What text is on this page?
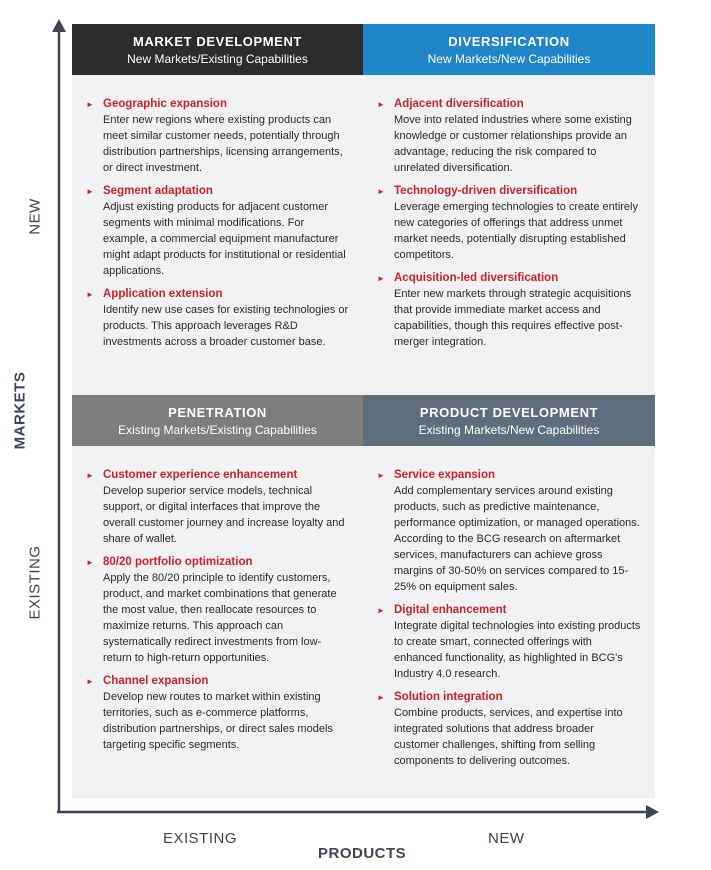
MARKETS
NEW
EXISTING
EXISTING	NEW
PRODUCTS
MARKET DEVELOPMENT
New Markets/Existing Capabilities
► Geographic expansion
Enter new regions where existing products can meet similar customer needs, potentially through distribution partnerships, licensing arrangements, or direct investment.
► Segment adaptation
Adjust existing products for adjacent customer segments with minimal modifications. For example, a commercial equipment manufacturer might adapt products for institutional or residential applications.
► Application extension
Identify new use cases for existing technologies or products. This approach leverages R&D investments across a broader customer base.
DIVERSIFICATION
New Markets/New Capabilities
► Adjacent diversification
Move into related industries where some existing knowledge or customer relationships provide an advantage, reducing the risk compared to unrelated diversification.
► Technology-driven diversification
Leverage emerging technologies to create entirely new categories of offerings that address unmet market needs, potentially disrupting established competitors.
► Acquisition-led diversification
Enter new markets through strategic acquisitions that provide immediate market access and capabilities, though this requires effective post-merger integration.
PENETRATION
Existing Markets/Existing Capabilities
► Customer experience enhancement
Develop superior service models, technical support, or digital interfaces that improve the overall customer journey and increase loyalty and share of wallet.
► 80/20 portfolio optimization
Apply the 80/20 principle to identify customers, product, and market combinations that generate the most value, then reallocate resources to maximize returns. This approach can systematically redirect investments from low-return to high-return opportunities.
► Channel expansion
Develop new routes to market within existing territories, such as e-commerce platforms, distribution partnerships, or direct sales models targeting specific segments.
PRODUCT DEVELOPMENT
Existing Markets/New Capabilities
► Service expansion
Add complementary services around existing products, such as predictive maintenance, performance optimization, or managed operations. According to the BCG research on aftermarket services, manufacturers can achieve gross margins of 30-50% on services compared to 15-25% on equipment sales.
► Digital enhancement
Integrate digital technologies into existing products to create smart, connected offerings with enhanced functionality, as highlighted in BCG's Industry 4.0 research.
► Solution integration
Combine products, services, and expertise into integrated solutions that address broader customer challenges, shifting from selling components to delivering outcomes.
